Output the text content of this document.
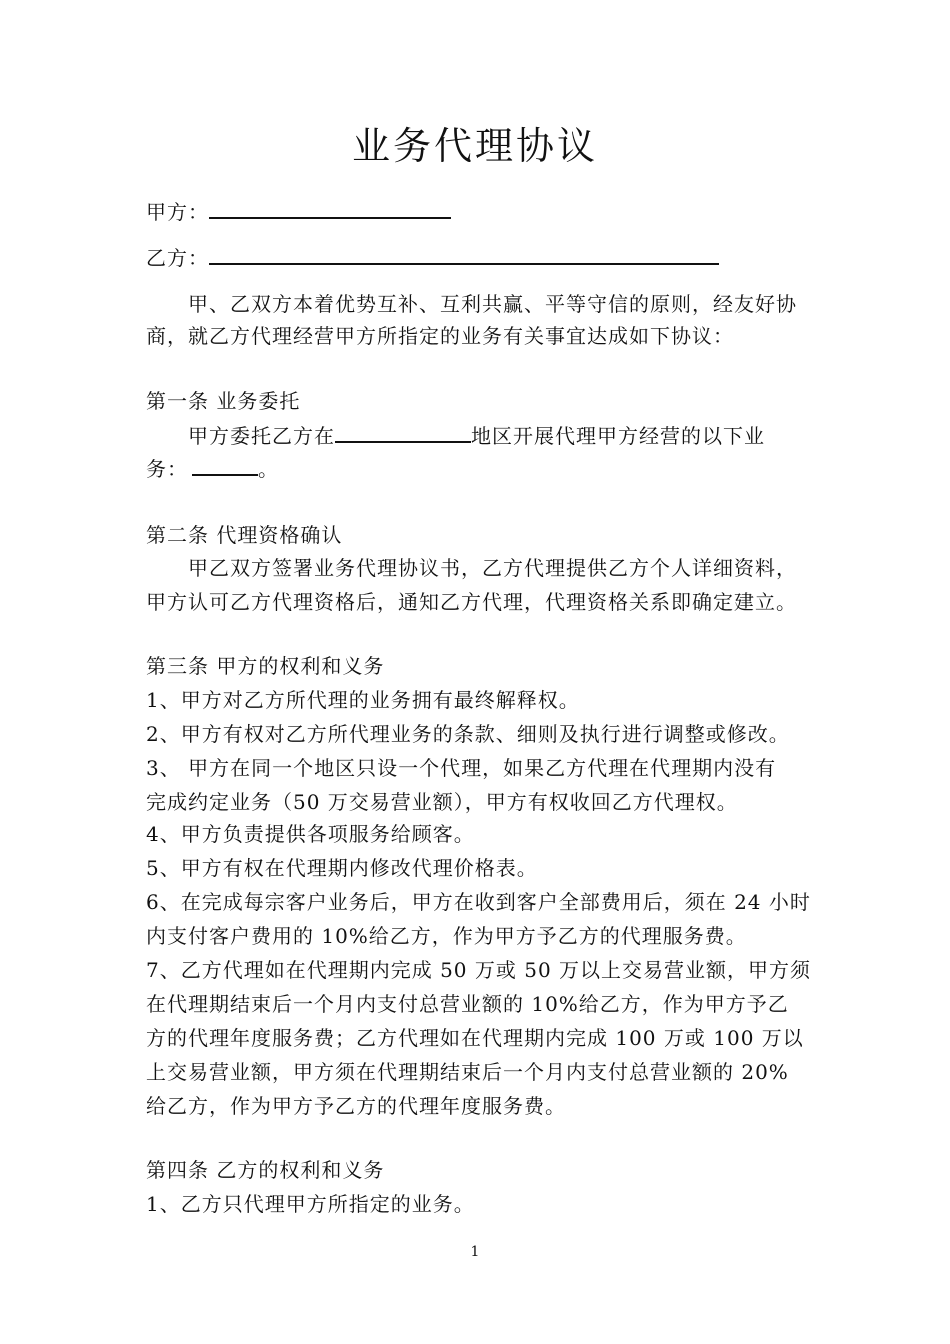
业务代理协议
甲方：
乙方：
甲、乙双方本着优势互补、互利共赢、平等守信的原则，经友好协
商，就乙方代理经营甲方所指定的业务有关事宜达成如下协议：
第一条 业务委托
甲方委托乙方在	地区开展代理甲方经营的以下业
务：	。
第二条 代理资格确认
甲乙双方签署业务代理协议书，乙方代理提供乙方个人详细资料，
甲方认可乙方代理资格后，通知乙方代理，代理资格关系即确定建立。
第三条 甲方的权利和义务
1、甲方对乙方所代理的业务拥有最终解释权。
2、甲方有权对乙方所代理业务的条款、细则及执行进行调整或修改。
3、 甲方在同一个地区只设一个代理，如果乙方代理在代理期内没有
完成约定业务（50 万交易营业额），甲方有权收回乙方代理权。
4、甲方负责提供各项服务给顾客。
5、甲方有权在代理期内修改代理价格表。
6、在完成每宗客户业务后，甲方在收到客户全部费用后，须在 24 小时
内支付客户费用的 10%给乙方，作为甲方予乙方的代理服务费。
7、乙方代理如在代理期内完成 50 万或 50 万以上交易营业额，甲方须
在代理期结束后一个月内支付总营业额的 10%给乙方，作为甲方予乙
方的代理年度服务费；乙方代理如在代理期内完成 100 万或 100 万以
上交易营业额，甲方须在代理期结束后一个月内支付总营业额的 20%
给乙方，作为甲方予乙方的代理年度服务费。
第四条 乙方的权利和义务
1、乙方只代理甲方所指定的业务。
1
